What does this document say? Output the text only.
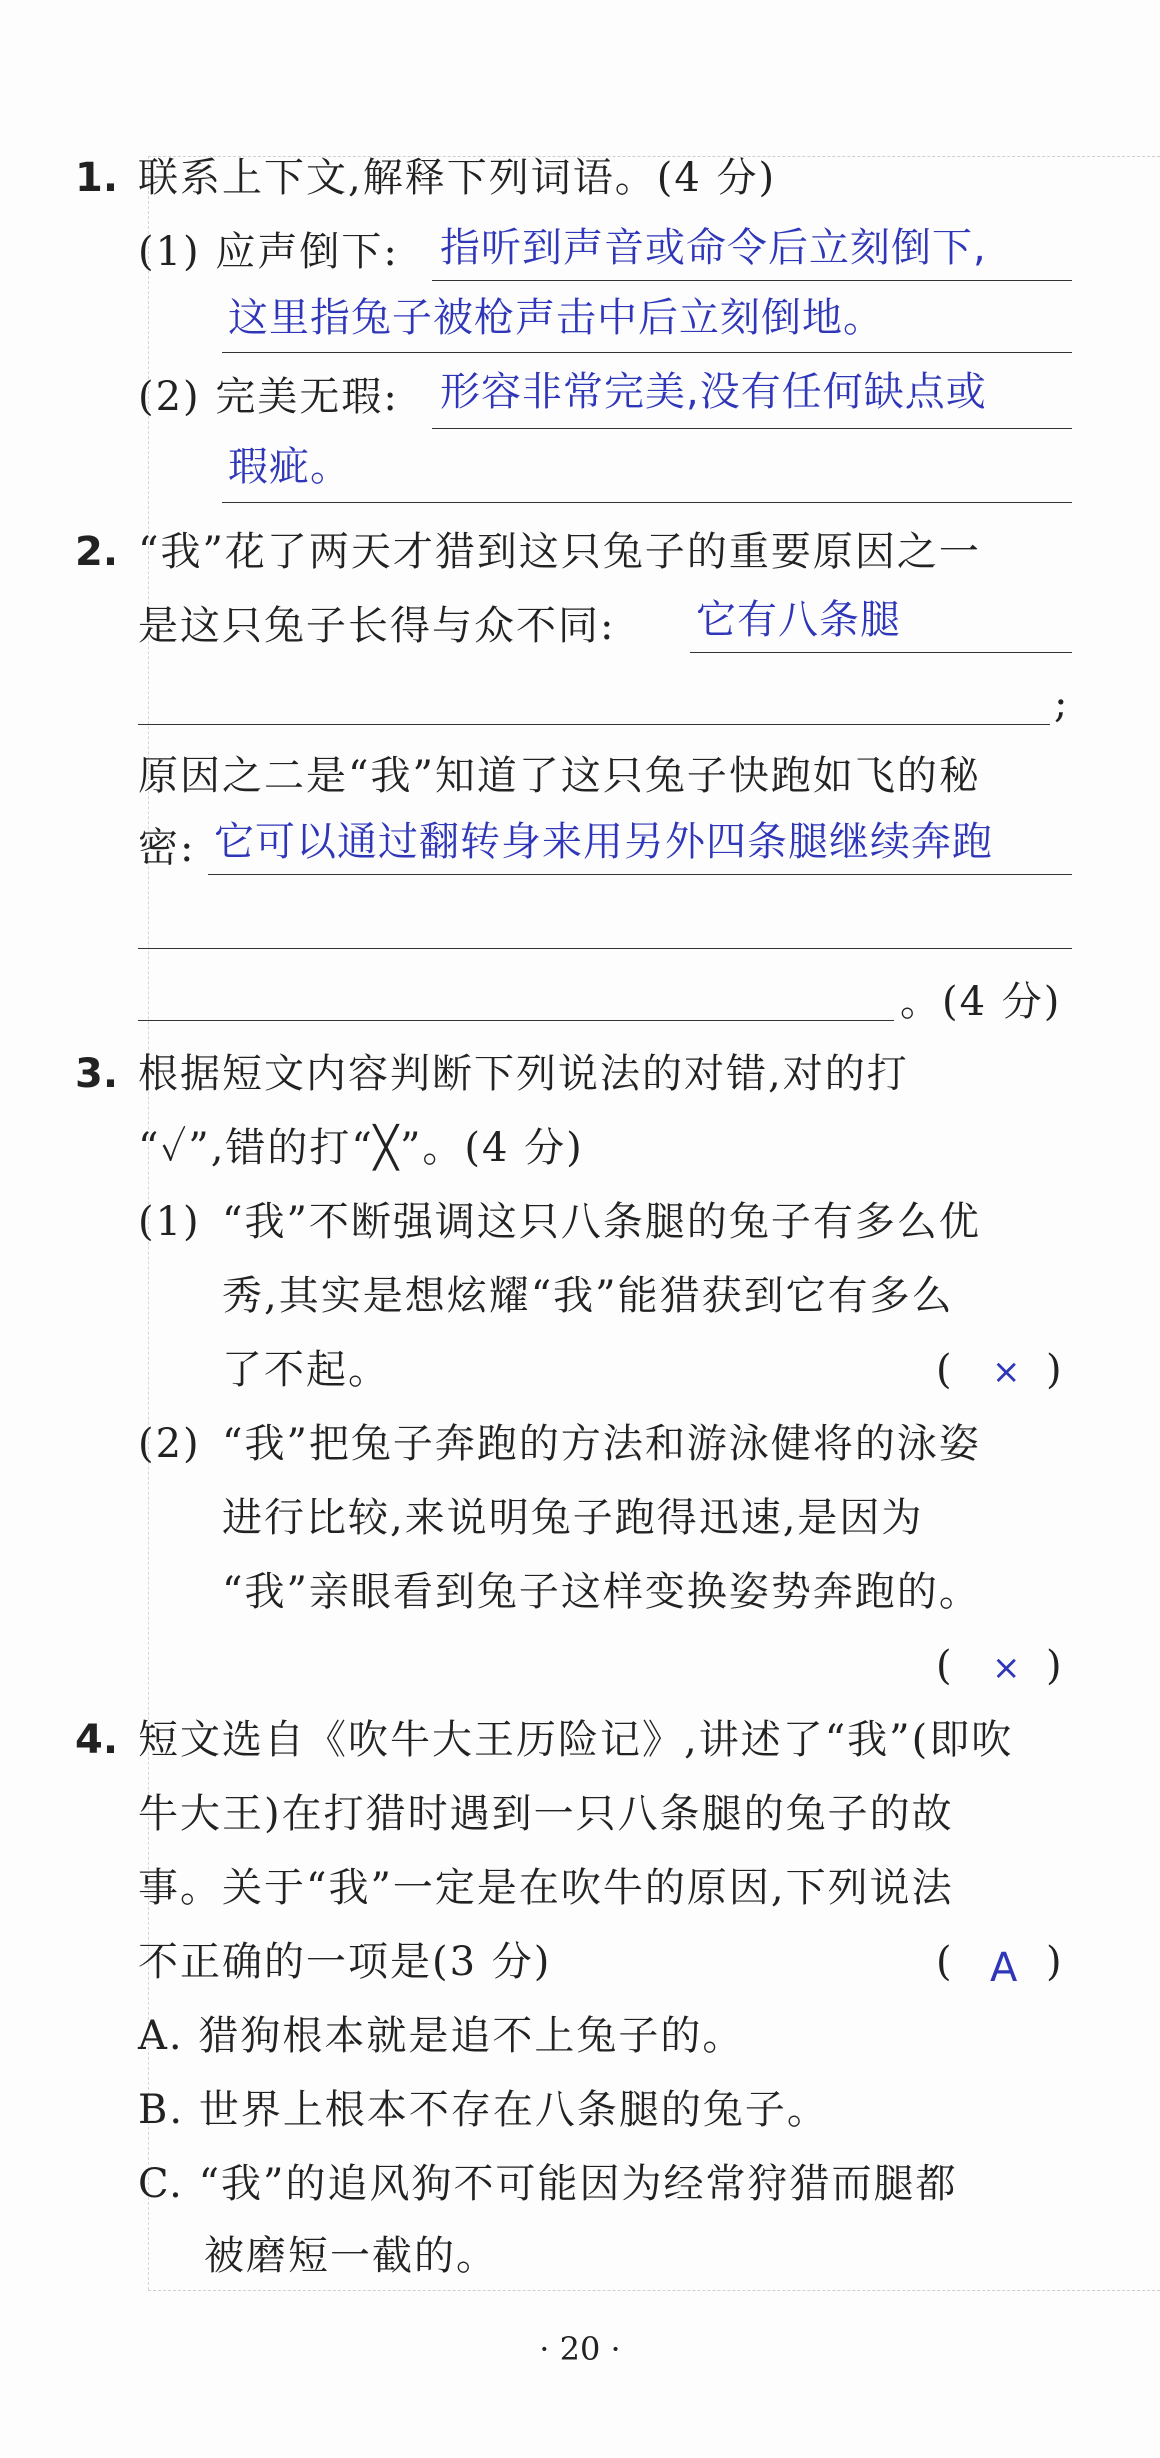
1. 联系上下文,解释下列词语。(4 分)
(1) 应声倒下: 指听到声音或命令后立刻倒下,
这里指兔子被枪声击中后立刻倒地。
(2) 完美无瑕: 形容非常完美,没有任何缺点或
瑕疵。
2. “我”花了两天才猎到这只兔子的重要原因之一
是这只兔子长得与众不同: 它有八条腿
;
原因之二是“我”知道了这只兔子快跑如飞的秘
密: 它可以通过翻转身来用另外四条腿继续奔跑
。(4 分)
3. 根据短文内容判断下列说法的对错,对的打
“✓”,错的打“╳”。(4 分)
(1) “我”不断强调这只八条腿的兔子有多么优
秀,其实是想炫耀“我”能猎获到它有多么
了不起。	( × )
(2) “我”把兔子奔跑的方法和游泳健将的泳姿
进行比较,来说明兔子跑得迅速,是因为
“我”亲眼看到兔子这样变换姿势奔跑的。
( × )
4. 短文选自《吹牛大王历险记》,讲述了“我”(即吹
牛大王)在打猎时遇到一只八条腿的兔子的故
事。关于“我”一定是在吹牛的原因,下列说法
不正确的一项是(3 分)	( A )
A. 猎狗根本就是追不上兔子的。
B. 世界上根本不存在八条腿的兔子。
C. “我”的追风狗不可能因为经常狩猎而腿都
被磨短一截的。
· 20 ·
